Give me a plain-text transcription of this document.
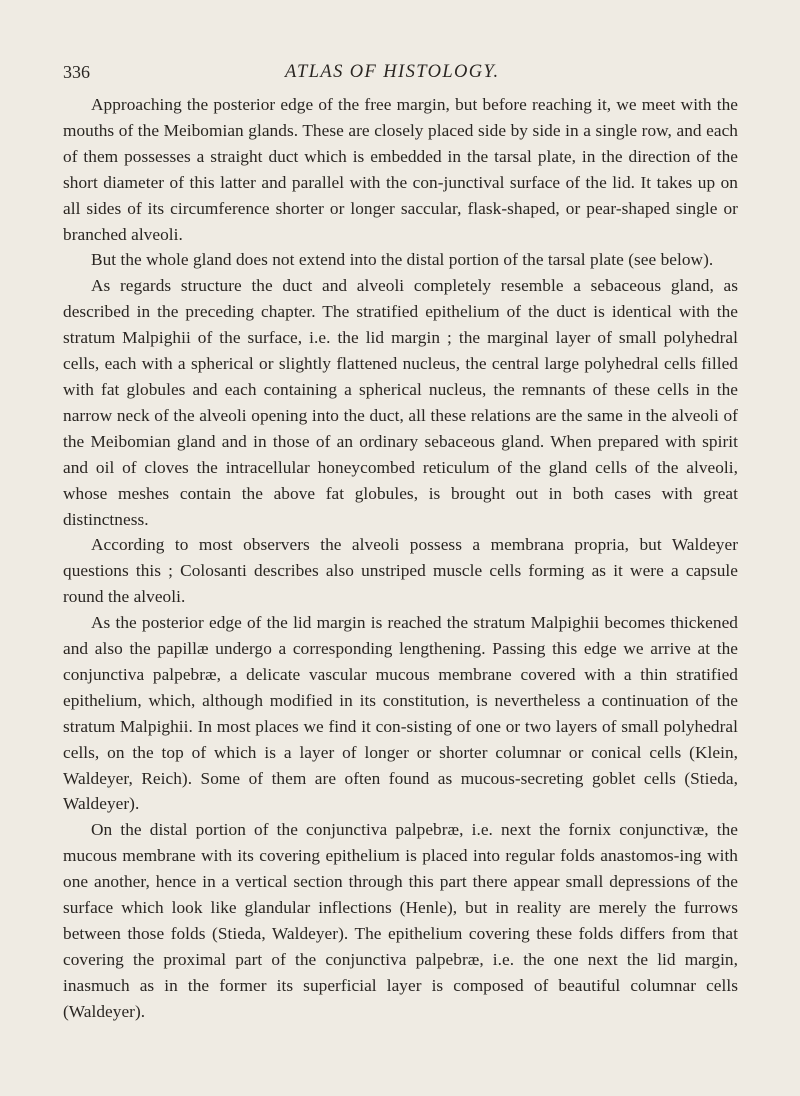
336	ATLAS OF HISTOLOGY.

Approaching the posterior edge of the free margin, but before reaching it, we meet with the mouths of the Meibomian glands. These are closely placed side by side in a single row, and each of them possesses a straight duct which is embedded in the tarsal plate, in the direction of the short diameter of this latter and parallel with the con-junctival surface of the lid. It takes up on all sides of its circumference shorter or longer saccular, flask-shaped, or pear-shaped single or branched alveoli.

But the whole gland does not extend into the distal portion of the tarsal plate (see below).

As regards structure the duct and alveoli completely resemble a sebaceous gland, as described in the preceding chapter. The stratified epithelium of the duct is identical with the stratum Malpighii of the surface, i.e. the lid margin ; the marginal layer of small polyhedral cells, each with a spherical or slightly flattened nucleus, the central large polyhedral cells filled with fat globules and each containing a spherical nucleus, the remnants of these cells in the narrow neck of the alveoli opening into the duct, all these relations are the same in the alveoli of the Meibomian gland and in those of an ordinary sebaceous gland. When prepared with spirit and oil of cloves the intracellular honeycombed reticulum of the gland cells of the alveoli, whose meshes contain the above fat globules, is brought out in both cases with great distinctness.

According to most observers the alveoli possess a membrana propria, but Waldeyer questions this ; Colosanti describes also unstriped muscle cells forming as it were a capsule round the alveoli.

As the posterior edge of the lid margin is reached the stratum Malpighii becomes thickened and also the papillæ undergo a corresponding lengthening. Passing this edge we arrive at the conjunctiva palpebræ, a delicate vascular mucous membrane covered with a thin stratified epithelium, which, although modified in its constitution, is nevertheless a continuation of the stratum Malpighii. In most places we find it con-sisting of one or two layers of small polyhedral cells, on the top of which is a layer of longer or shorter columnar or conical cells (Klein, Waldeyer, Reich). Some of them are often found as mucous-secreting goblet cells (Stieda, Waldeyer).

On the distal portion of the conjunctiva palpebræ, i.e. next the fornix conjunctivæ, the mucous membrane with its covering epithelium is placed into regular folds anastomos-ing with one another, hence in a vertical section through this part there appear small depressions of the surface which look like glandular inflections (Henle), but in reality are merely the furrows between those folds (Stieda, Waldeyer). The epithelium covering these folds differs from that covering the proximal part of the conjunctiva palpebræ, i.e. the one next the lid margin, inasmuch as in the former its superficial layer is composed of beautiful columnar cells (Waldeyer).
